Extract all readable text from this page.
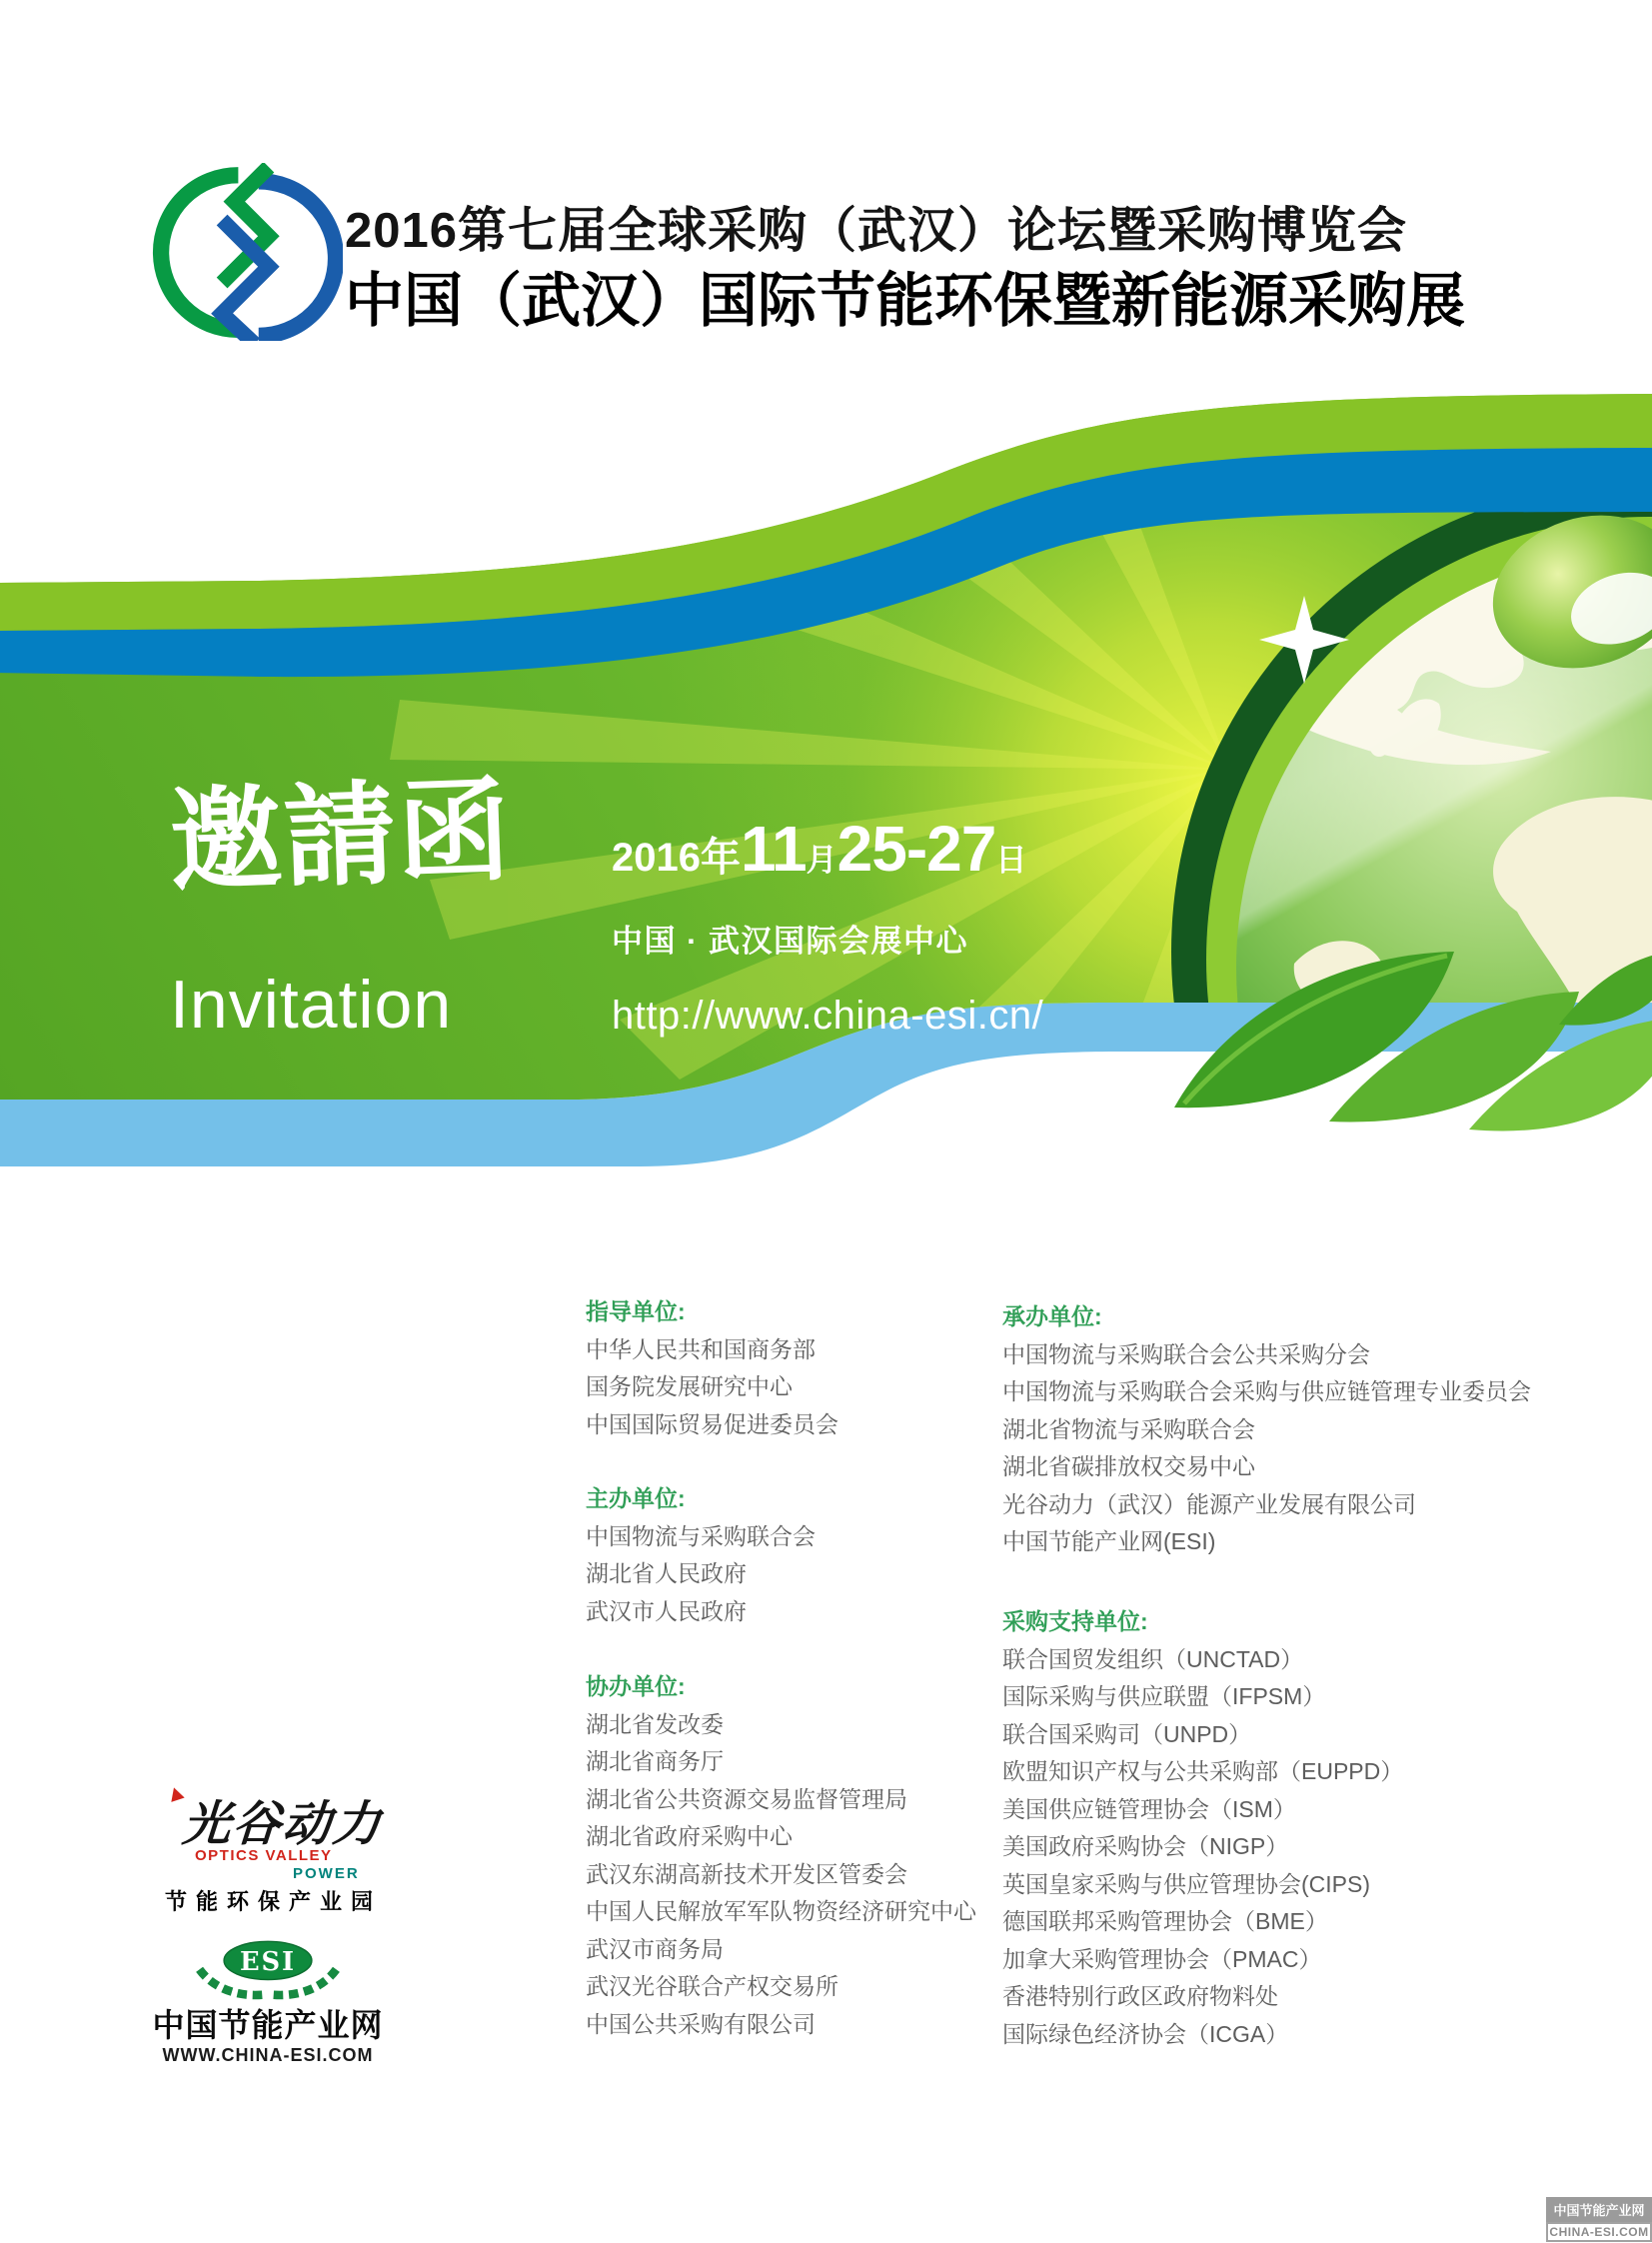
2016第七届全球采购（武汉）论坛暨采购博览会
中国（武汉）国际节能环保暨新能源采购展
邀請函
Invitation
2016年11月25-27日
中国 · 武汉国际会展中心
http://www.china-esi.cn/
指导单位:
中华人民共和国商务部
国务院发展研究中心
中国国际贸易促进委员会
主办单位:
中国物流与采购联合会
湖北省人民政府
武汉市人民政府
协办单位:
湖北省发改委
湖北省商务厅
湖北省公共资源交易监督管理局
湖北省政府采购中心
武汉东湖高新技术开发区管委会
中国人民解放军军队物资经济研究中心
武汉市商务局
武汉光谷联合产权交易所
中国公共采购有限公司
承办单位:
中国物流与采购联合会公共采购分会
中国物流与采购联合会采购与供应链管理专业委员会
湖北省物流与采购联合会
湖北省碳排放权交易中心
光谷动力（武汉）能源产业发展有限公司
中国节能产业网(ESI)
采购支持单位:
联合国贸发组织（UNCTAD）
国际采购与供应联盟（IFPSM）
联合国采购司（UNPD）
欧盟知识产权与公共采购部（EUPPD）
美国供应链管理协会（ISM）
美国政府采购协会（NIGP）
英国皇家采购与供应管理协会(CIPS)
德国联邦采购管理协会（BME）
加拿大采购管理协会（PMAC）
香港特别行政区政府物料处
国际绿色经济协会（ICGA）
光谷动力
OPTICS VALLEY
POWER
节能环保产业园
ESI
中国节能产业网
WWW.CHINA-ESI.COM
中国节能产业网
CHINA-ESI.COM
